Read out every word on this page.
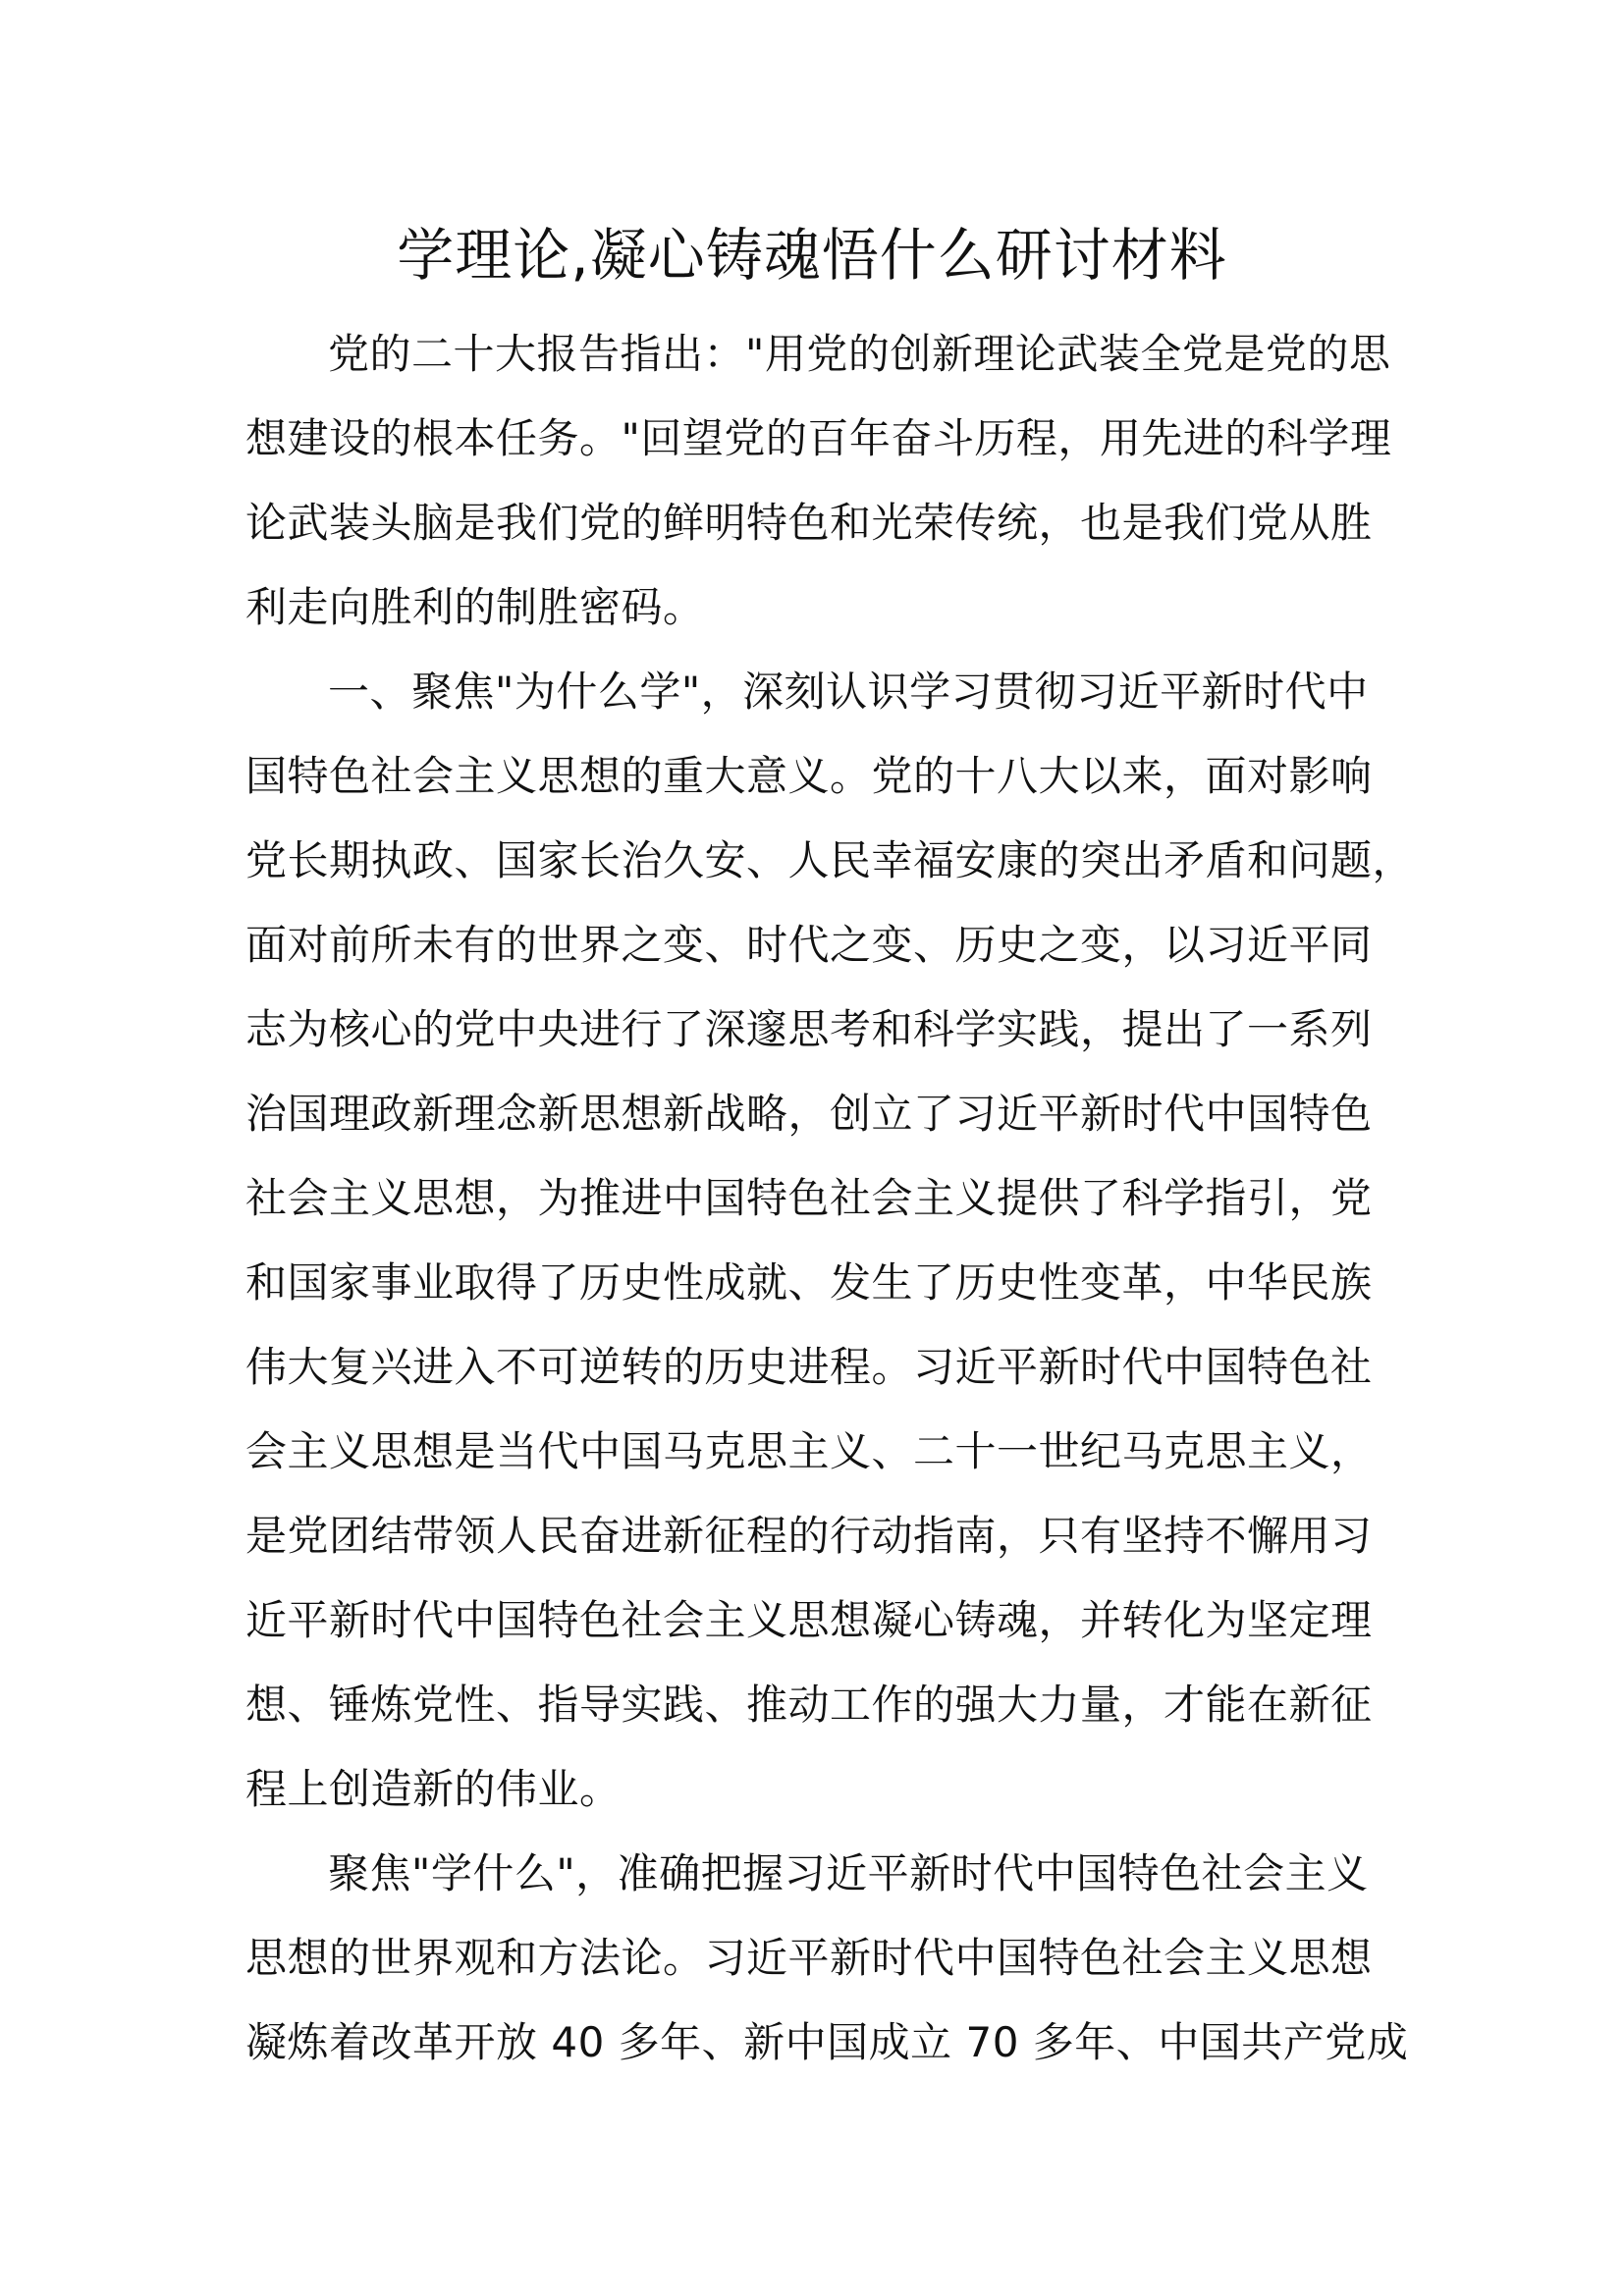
学理论,凝心铸魂悟什么研讨材料

党的二十大报告指出："用党的创新理论武装全党是党的思
想建设的根本任务。"回望党的百年奋斗历程，用先进的科学理
论武装头脑是我们党的鲜明特色和光荣传统，也是我们党从胜
利走向胜利的制胜密码。

一、聚焦"为什么学"，深刻认识学习贯彻习近平新时代中
国特色社会主义思想的重大意义。党的十八大以来，面对影响
党长期执政、国家长治久安、人民幸福安康的突出矛盾和问题，
面对前所未有的世界之变、时代之变、历史之变，以习近平同
志为核心的党中央进行了深邃思考和科学实践，提出了一系列
治国理政新理念新思想新战略，创立了习近平新时代中国特色
社会主义思想，为推进中国特色社会主义提供了科学指引，党
和国家事业取得了历史性成就、发生了历史性变革，中华民族
伟大复兴进入不可逆转的历史进程。习近平新时代中国特色社
会主义思想是当代中国马克思主义、二十一世纪马克思主义，
是党团结带领人民奋进新征程的行动指南，只有坚持不懈用习
近平新时代中国特色社会主义思想凝心铸魂，并转化为坚定理
想、锤炼党性、指导实践、推动工作的强大力量，才能在新征
程上创造新的伟业。

聚焦"学什么"，准确把握习近平新时代中国特色社会主义
思想的世界观和方法论。习近平新时代中国特色社会主义思想
凝炼着改革开放 40 多年、新中国成立 70 多年、中国共产党成
